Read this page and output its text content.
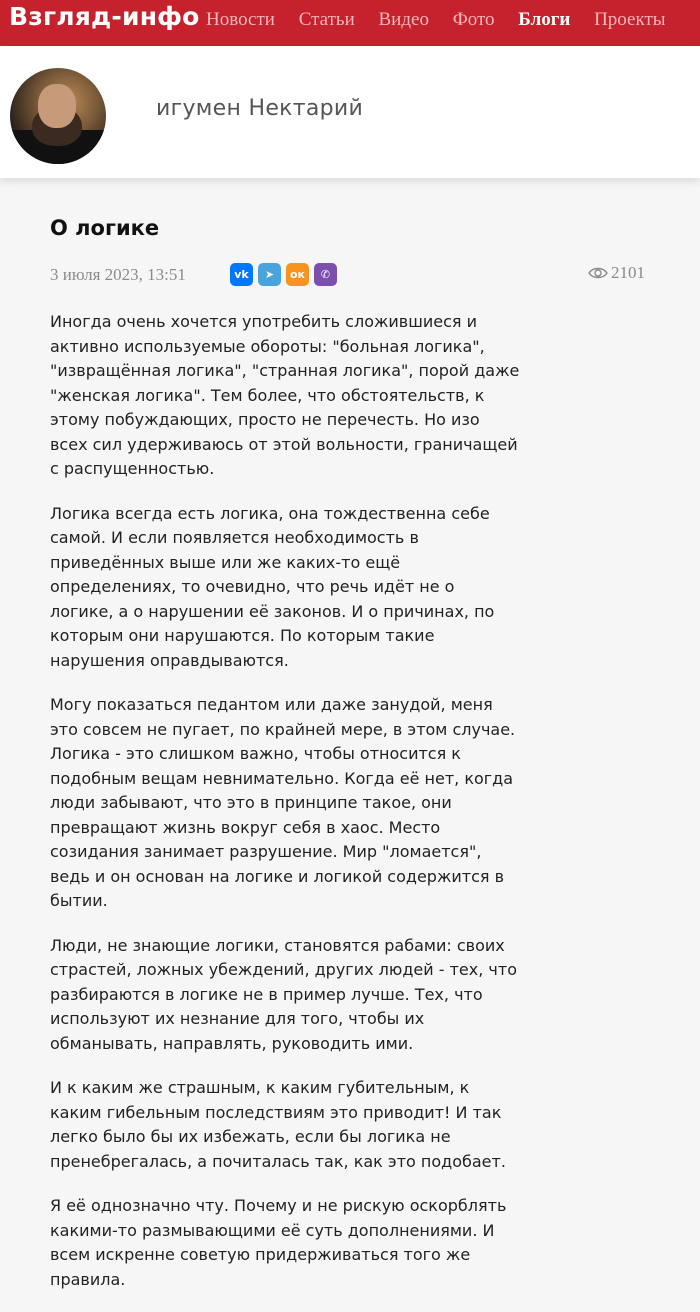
Взгляд-инфо Новости Статьи Видео Фото Блоги Проекты
игумен Нектарий
О логике
3 июля 2023, 13:51	vk	➤	ок	✆	2101

Иногда очень хочется употребить сложившиеся и активно используемые обороты: "больная логика", "извращённая логика", "странная логика", порой даже "женская логика". Тем более, что обстоятельств, к этому побуждающих, просто не перечесть. Но изо всех сил удерживаюсь от этой вольности, граничащей с распущенностью.

Логика всегда есть логика, она тождественна себе самой. И если появляется необходимость в приведённых выше или же каких-то ещё определениях, то очевидно, что речь идёт не о логике, а о нарушении её законов. И о причинах, по которым они нарушаются. По которым такие нарушения оправдываются.

Могу показаться педантом или даже занудой, меня это совсем не пугает, по крайней мере, в этом случае. Логика - это слишком важно, чтобы относится к подобным вещам невнимательно. Когда её нет, когда люди забывают, что это в принципе такое, они превращают жизнь вокруг себя в хаос. Место созидания занимает разрушение. Мир "ломается", ведь и он основан на логике и логикой содержится в бытии.

Люди, не знающие логики, становятся рабами: своих страстей, ложных убеждений, других людей - тех, что разбираются в логике не в пример лучше. Тех, что используют их незнание для того, чтобы их обманывать, направлять, руководить ими.

И к каким же страшным, к каким губительным, к каким гибельным последствиям это приводит! И так легко было бы их избежать, если бы логика не пренебрегалась, а почиталась так, как это подобает.

Я её однозначно чту. Почему и не рискую оскорблять какими-то размывающими её суть дополнениями. И всем искренне советую придерживаться того же правила.
